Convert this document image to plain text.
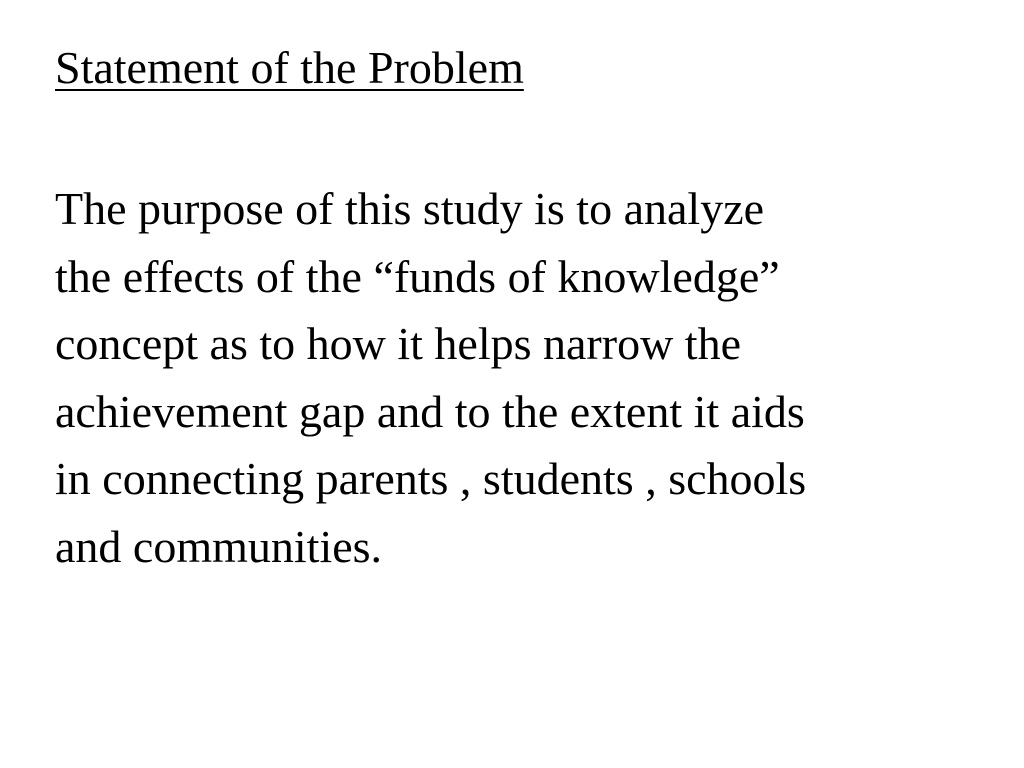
Statement of the Problem

The purpose of this study is to analyze
the effects of the “funds of knowledge”
concept as to how it helps narrow the
achievement gap and to the extent it aids
in connecting parents , students , schools
and communities.
